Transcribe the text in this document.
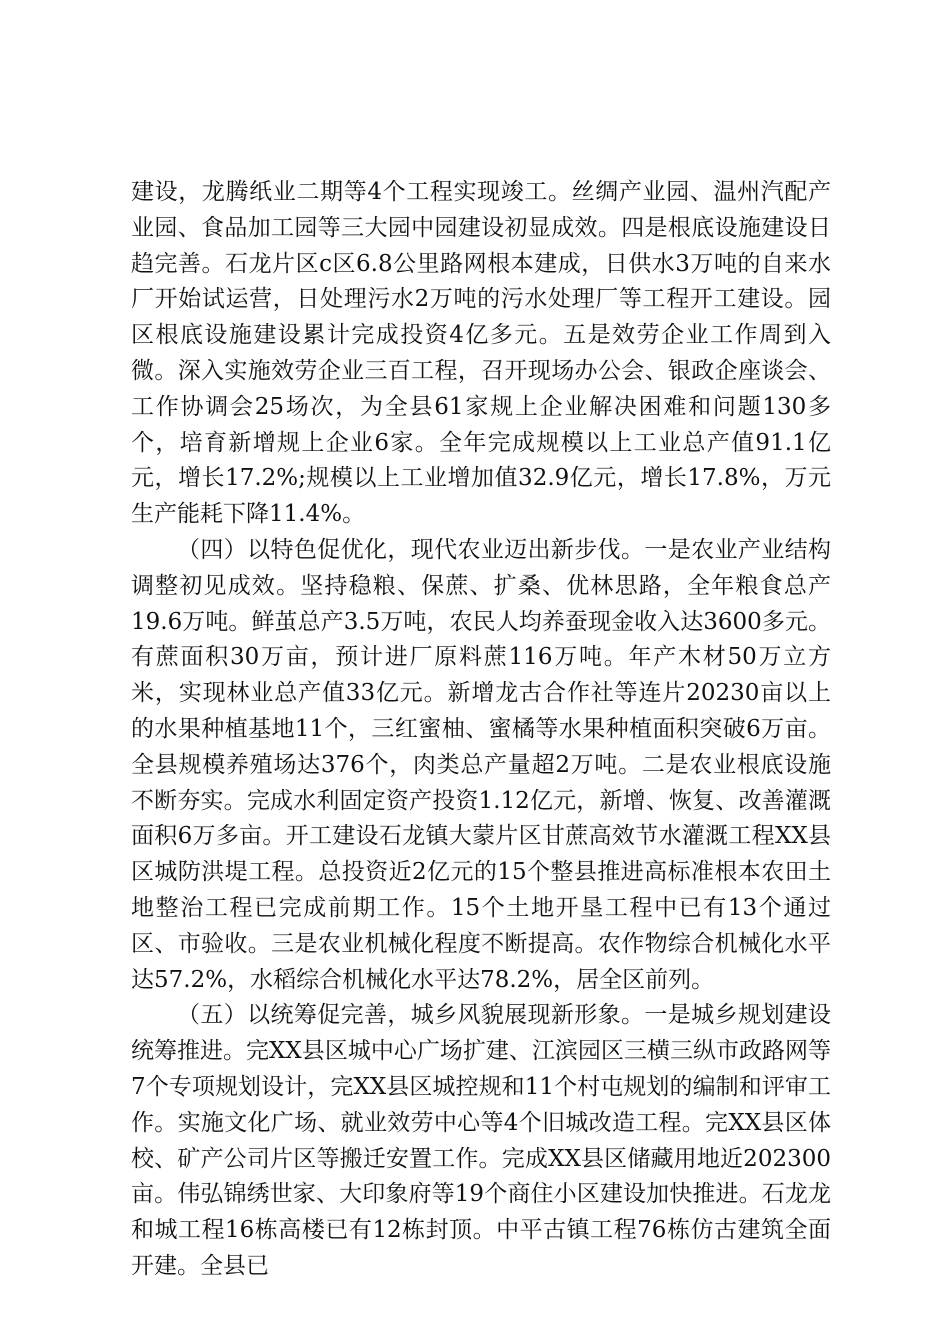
建设，龙腾纸业二期等4个工程实现竣工。丝绸产业园、温州汽配产业园、食品加工园等三大园中园建设初显成效。四是根底设施建设日趋完善。石龙片区c区6.8公里路网根本建成，日供水3万吨的自来水厂开始试运营，日处理污水2万吨的污水处理厂等工程开工建设。园区根底设施建设累计完成投资4亿多元。五是效劳企业工作周到入微。深入实施效劳企业三百工程，召开现场办公会、银政企座谈会、工作协调会25场次，为全县61家规上企业解决困难和问题130多个，培育新增规上企业6家。全年完成规模以上工业总产值91.1亿元，增长17.2%;规模以上工业增加值32.9亿元，增长17.8%，万元生产能耗下降11.4%。

（四）以特色促优化，现代农业迈出新步伐。一是农业产业结构调整初见成效。坚持稳粮、保蔗、扩桑、优林思路，全年粮食总产19.6万吨。鲜茧总产3.5万吨，农民人均养蚕现金收入达3600多元。有蔗面积30万亩，预计进厂原料蔗116万吨。年产木材50万立方米，实现林业总产值33亿元。新增龙古合作社等连片20230亩以上的水果种植基地11个，三红蜜柚、蜜橘等水果种植面积突破6万亩。全县规模养殖场达376个，肉类总产量超2万吨。二是农业根底设施不断夯实。完成水利固定资产投资1.12亿元，新增、恢复、改善灌溉面积6万多亩。开工建设石龙镇大蒙片区甘蔗高效节水灌溉工程XX县区城防洪堤工程。总投资近2亿元的15个整县推进高标准根本农田土地整治工程已完成前期工作。15个土地开垦工程中已有13个通过区、市验收。三是农业机械化程度不断提高。农作物综合机械化水平达57.2%，水稻综合机械化水平达78.2%，居全区前列。

（五）以统筹促完善，城乡风貌展现新形象。一是城乡规划建设统筹推进。完XX县区城中心广场扩建、江滨园区三横三纵市政路网等7个专项规划设计，完XX县区城控规和11个村屯规划的编制和评审工作。实施文化广场、就业效劳中心等4个旧城改造工程。完XX县区体校、矿产公司片区等搬迁安置工作。完成XX县区储藏用地近202300亩。伟弘锦绣世家、大印象府等19个商住小区建设加快推进。石龙龙和城工程16栋高楼已有12栋封顶。中平古镇工程76栋仿古建筑全面开建。全县已
